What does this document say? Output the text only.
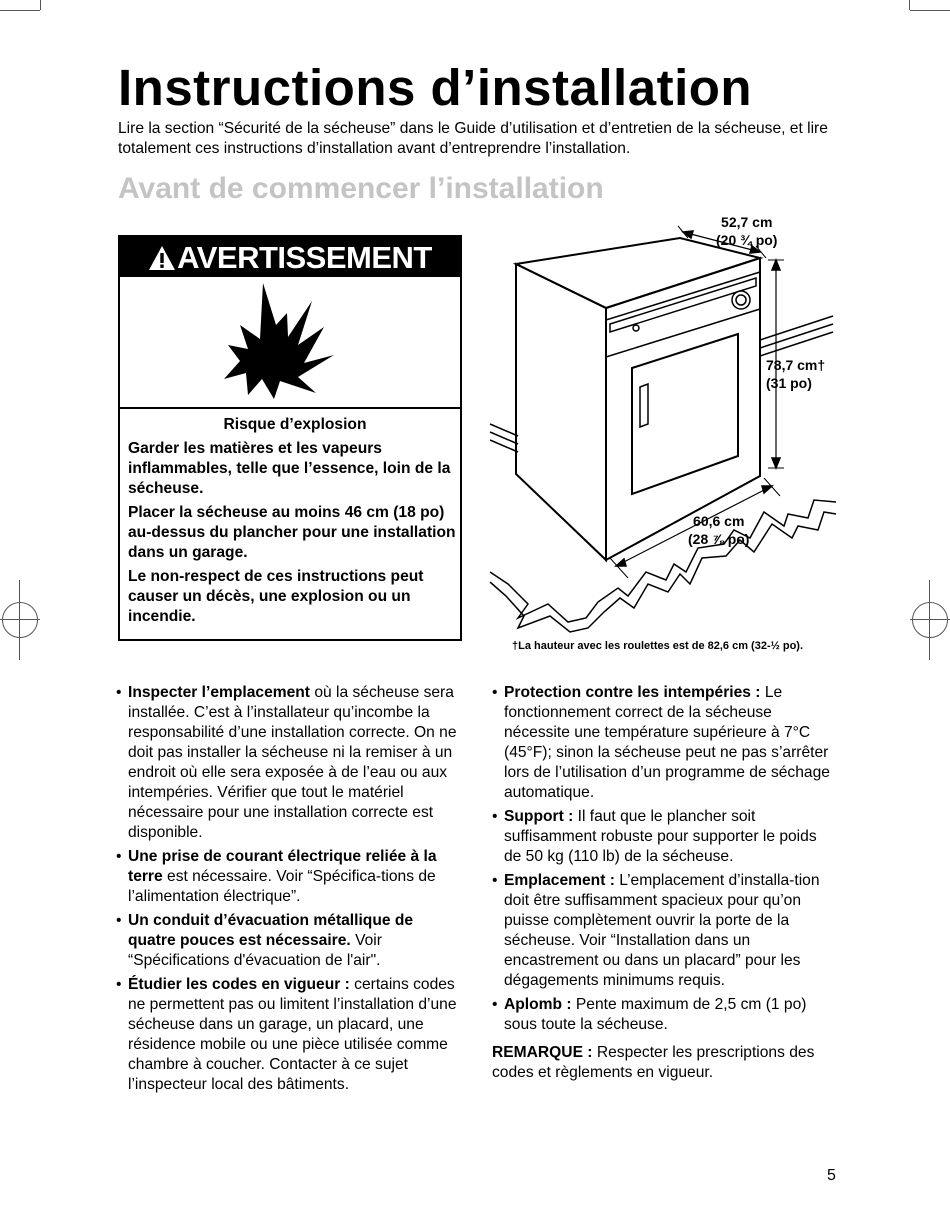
Instructions d’installation
Lire la section “Sécurité de la sécheuse” dans le Guide d’utilisation et d’entretien de la sécheuse, et lire totalement ces instructions d’installation avant d’entreprendre l’installation.
Avant de commencer l’installation
AVERTISSEMENT

Risque d’explosion

Garder les matières et les vapeurs inflammables, telle que l’essence, loin de la sécheuse.

Placer la sécheuse au moins 46 cm (18 po) au-dessus du plancher pour une installation dans un garage.

Le non-respect de ces instructions peut causer un décès, une explosion ou un incendie.

52,7 cm
(20 ¾ po)
78,7 cm†
(31 po)
60,6 cm
(28 ⅞ po)
†La hauteur avec les roulettes est de 82,6 cm (32-½ po).
• Inspecter l’emplacement où la sécheuse sera installée. C’est à l’installateur qu’incombe la responsabilité d’une installation correcte. On ne doit pas installer la sécheuse ni la remiser à un endroit où elle sera exposée à de l’eau ou aux intempéries. Vérifier que tout le matériel nécessaire pour une installation correcte est disponible.
• Une prise de courant électrique reliée à la terre est nécessaire. Voir “Spécifica-tions de l’alimentation électrique”.
• Un conduit d’évacuation métallique de quatre pouces est nécessaire. Voir “Spécifications d'évacuation de l'air".
• Étudier les codes en vigueur : certains codes ne permettent pas ou limitent l’installation d’une sécheuse dans un garage, un placard, une résidence mobile ou une pièce utilisée comme chambre à coucher. Contacter à ce sujet l’inspecteur local des bâtiments.
• Protection contre les intempéries : Le fonctionnement correct de la sécheuse nécessite une température supérieure à 7°C (45°F); sinon la sécheuse peut ne pas s’arrêter lors de l’utilisation d’un programme de séchage automatique.
• Support : Il faut que le plancher soit suffisamment robuste pour supporter le poids de 50 kg (110 lb) de la sécheuse.
• Emplacement : L’emplacement d’installa-tion doit être suffisamment spacieux pour qu’on puisse complètement ouvrir la porte de la sécheuse. Voir “Installation dans un encastrement ou dans un placard” pour les dégagements minimums requis.
• Aplomb : Pente maximum de 2,5 cm (1 po) sous toute la sécheuse.
REMARQUE : Respecter les prescriptions des codes et règlements en vigueur.
5
